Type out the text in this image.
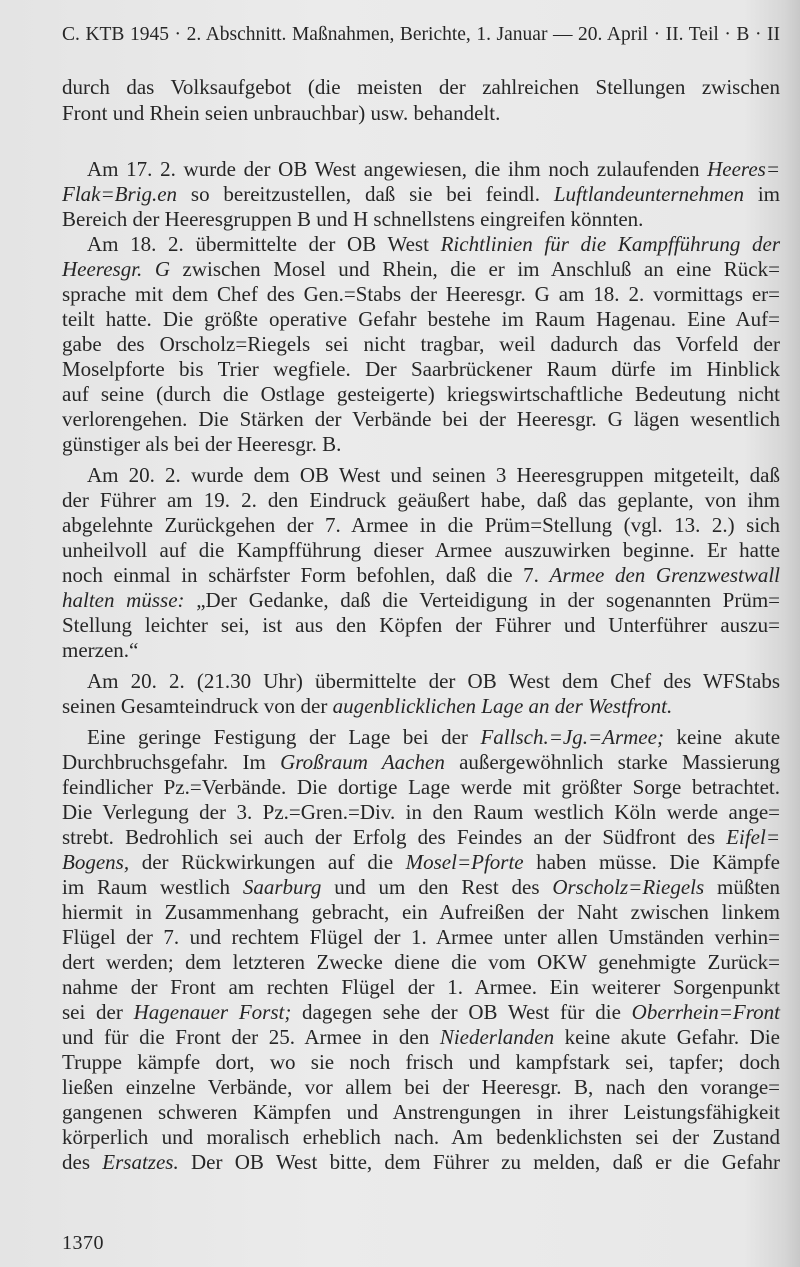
C. KTB 1945 · 2. Abschnitt. Maßnahmen, Berichte, 1. Januar — 20. April · II. Teil · B · II
durch das Volksaufgebot (die meisten der zahlreichen Stellungen zwischen
Front und Rhein seien unbrauchbar) usw. behandelt.
Am 17. 2. wurde der OB West angewiesen, die ihm noch zulaufenden Heeres=
Flak=Brig.en so bereitzustellen, daß sie bei feindl. Luftlandeunternehmen im
Bereich der Heeresgruppen B und H schnellstens eingreifen könnten.
Am 18. 2. übermittelte der OB West Richtlinien für die Kampfführung der
Heeresgr. G zwischen Mosel und Rhein, die er im Anschluß an eine Rück=
sprache mit dem Chef des Gen.=Stabs der Heeresgr. G am 18. 2. vormittags er=
teilt hatte. Die größte operative Gefahr bestehe im Raum Hagenau. Eine Auf=
gabe des Orscholz=Riegels sei nicht tragbar, weil dadurch das Vorfeld der
Moselpforte bis Trier wegfiele. Der Saarbrückener Raum dürfe im Hinblick
auf seine (durch die Ostlage gesteigerte) kriegswirtschaftliche Bedeutung nicht
verlorengehen. Die Stärken der Verbände bei der Heeresgr. G lägen wesentlich
günstiger als bei der Heeresgr. B.
Am 20. 2. wurde dem OB West und seinen 3 Heeresgruppen mitgeteilt, daß
der Führer am 19. 2. den Eindruck geäußert habe, daß das geplante, von ihm
abgelehnte Zurückgehen der 7. Armee in die Prüm=Stellung (vgl. 13. 2.) sich
unheilvoll auf die Kampfführung dieser Armee auszuwirken beginne. Er hatte
noch einmal in schärfster Form befohlen, daß die 7. Armee den Grenzwestwall
halten müsse: „Der Gedanke, daß die Verteidigung in der sogenannten Prüm=
Stellung leichter sei, ist aus den Köpfen der Führer und Unterführer auszu=
merzen.“
Am 20. 2. (21.30 Uhr) übermittelte der OB West dem Chef des WFStabs
seinen Gesamteindruck von der augenblicklichen Lage an der Westfront.
Eine geringe Festigung der Lage bei der Fallsch.=Jg.=Armee; keine akute
Durchbruchsgefahr. Im Großraum Aachen außergewöhnlich starke Massierung
feindlicher Pz.=Verbände. Die dortige Lage werde mit größter Sorge betrachtet.
Die Verlegung der 3. Pz.=Gren.=Div. in den Raum westlich Köln werde ange=
strebt. Bedrohlich sei auch der Erfolg des Feindes an der Südfront des Eifel=
Bogens, der Rückwirkungen auf die Mosel=Pforte haben müsse. Die Kämpfe
im Raum westlich Saarburg und um den Rest des Orscholz=Riegels müßten
hiermit in Zusammenhang gebracht, ein Aufreißen der Naht zwischen linkem
Flügel der 7. und rechtem Flügel der 1. Armee unter allen Umständen verhin=
dert werden; dem letzteren Zwecke diene die vom OKW genehmigte Zurück=
nahme der Front am rechten Flügel der 1. Armee. Ein weiterer Sorgenpunkt
sei der Hagenauer Forst; dagegen sehe der OB West für die Oberrhein=Front
und für die Front der 25. Armee in den Niederlanden keine akute Gefahr. Die
Truppe kämpfe dort, wo sie noch frisch und kampfstark sei, tapfer; doch
ließen einzelne Verbände, vor allem bei der Heeresgr. B, nach den vorange=
gangenen schweren Kämpfen und Anstrengungen in ihrer Leistungsfähigkeit
körperlich und moralisch erheblich nach. Am bedenklichsten sei der Zustand
des Ersatzes. Der OB West bitte, dem Führer zu melden, daß er die Gefahr
1370
